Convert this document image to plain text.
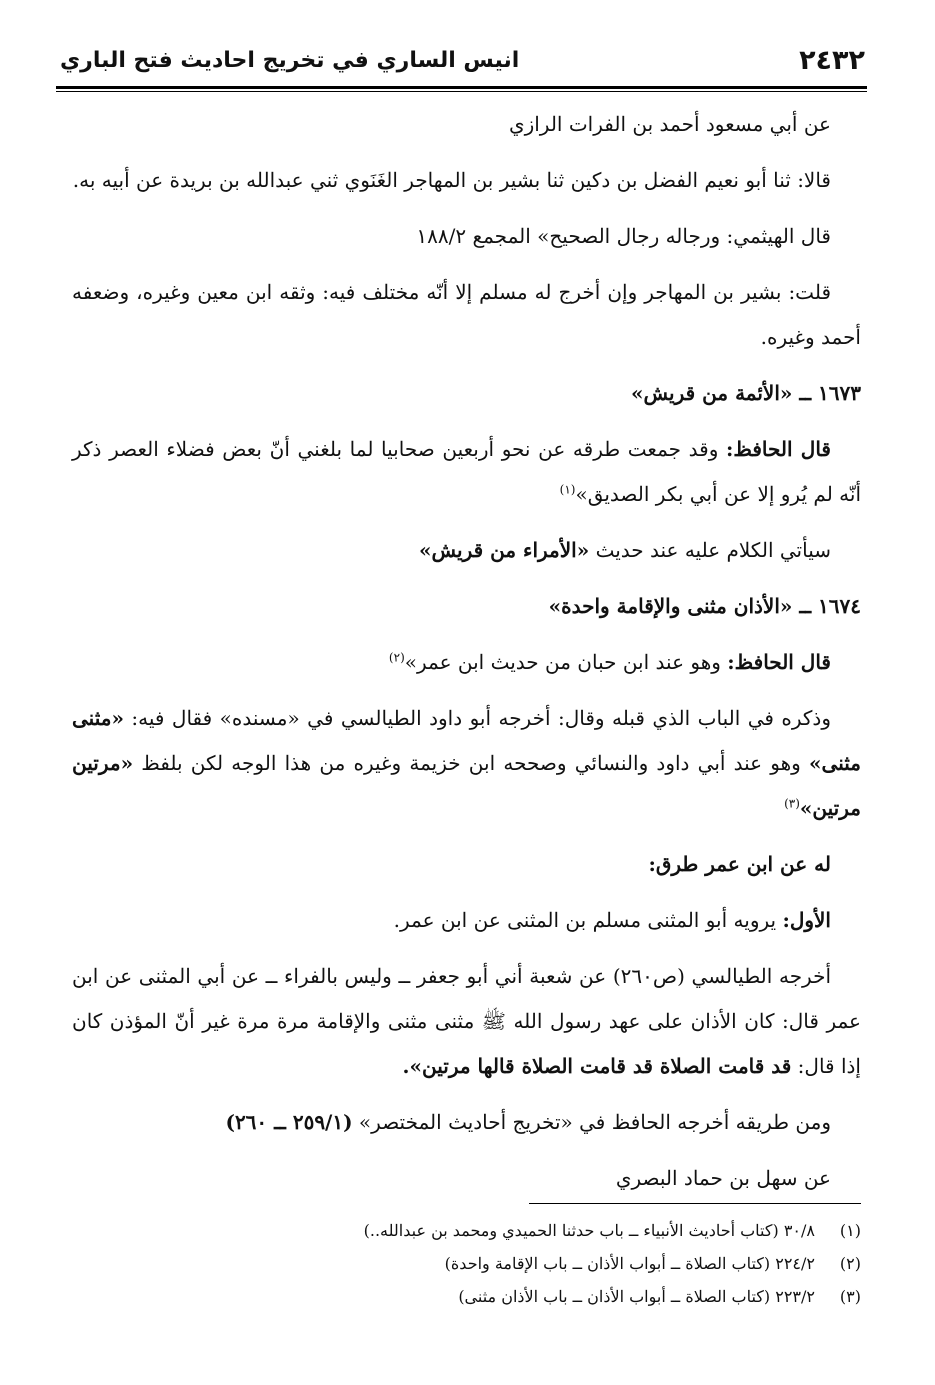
٢٤٣٢
انيس الساري في تخريج احاديث فتح الباري

عن أبي مسعود أحمد بن الفرات الرازي

قالا: ثنا أبو نعيم الفضل بن دكين ثنا بشير بن المهاجر الغَنَوي ثني عبدالله بن بريدة عن أبيه به.

قال الهيثمي: ورجاله رجال الصحيح» المجمع ١٨٨/٢

قلت: بشير بن المهاجر وإن أخرج له مسلم إلا أنّه مختلف فيه: وثقه ابن معين وغيره، وضعفه أحمد وغيره.

١٦٧٣ ــ «الأئمة من قريش»

قال الحافظ: وقد جمعت طرقه عن نحو أربعين صحابيا لما بلغني أنّ بعض فضلاء العصر ذكر أنّه لم يُرو إلا عن أبي بكر الصديق»$^{(١)}$

سيأتي الكلام عليه عند حديث «الأمراء من قريش»

١٦٧٤ ــ «الأذان مثنى والإقامة واحدة»

قال الحافظ: وهو عند ابن حبان من حديث ابن عمر»$^{(٢)}$

وذكره في الباب الذي قبله وقال: أخرجه أبو داود الطيالسي في «مسنده» فقال فيه: «مثنى مثنى» وهو عند أبي داود والنسائي وصححه ابن خزيمة وغيره من هذا الوجه لكن بلفظ «مرتين مرتين»$^{(٣)}$

له عن ابن عمر طرق:

الأول: يرويه أبو المثنى مسلم بن المثنى عن ابن عمر.

أخرجه الطيالسي (ص٢٦٠) عن شعبة أني أبو جعفر ــ وليس بالفراء ــ عن أبي المثنى عن ابن عمر قال: كان الأذان على عهد رسول الله ﷺ مثنى مثنى والإقامة مرة مرة غير أنّ المؤذن كان إذا قال: قد قامت الصلاة قد قامت الصلاة قالها مرتين».

ومن طريقه أخرجه الحافظ في «تخريج أحاديث المختصر» (٢٥٩/١ ــ ٢٦٠)

عن سهل بن حماد البصري

(١)٣٠/٨ (كتاب أحاديث الأنبياء ــ باب حدثنا الحميدي ومحمد بن عبدالله..)

(٢)٢٢٤/٢ (كتاب الصلاة ــ أبواب الأذان ــ باب الإقامة واحدة)

(٣)٢٢٣/٢ (كتاب الصلاة ــ أبواب الأذان ــ باب الأذان مثنى)
